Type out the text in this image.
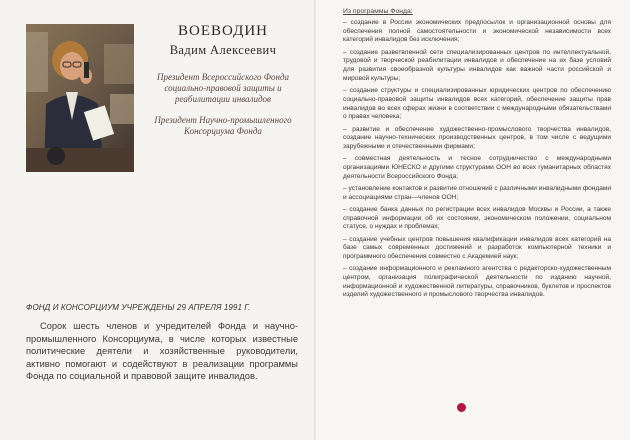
ВОЕВОДИН

Вадим Алексеевич

Президент Всероссийского Фонда социально-правовой защиты и реабилитации инвалидов

Президент Научно-промышленного Консорциума Фонда

ФОНД И КОНСОРЦИУМ УЧРЕЖДЕНЫ 29 АПРЕЛЯ 1991 Г.

Сорок шесть членов и учредителей Фонда и научно-промышленного Консорциума, в числе которых известные политические деятели и хозяйственные руководители, активно помогают и содействуют в реализации программы Фонда по социальной и правовой защите инвалидов.

Из программы Фонда:

– создание в России экономических предпосылок и организационной основы для обеспечения полной самостоятельности и экономической независимости всех категорий инвалидов без исключения;
– создание разветвленной сети специализированных центров по интеллектуальной, трудовой и творческой реабилитации инвалидов и обеспечение на их базе условий для развития своеобразной культуры инвалидов как важной части российской и мировой культуры;
– создание структуры и специализированных юридических центров по обеспечению социально-правовой защиты инвалидов всех категорий, обеспечение защиты прав инвалидов во всех сферах жизни в соответствии с международными обязательствами о правах человека;
– развитие и обеспечение художественно-промыслового творчества инвалидов, создание научно-технических производственных центров, в том числе с ведущими зарубежными и отечественными фирмами;
– совместная деятельность и тесное сотрудничество с международными организациями ЮНЕСКО и другими структурами ООН во всех гуманитарных областях деятельности Всероссийского Фонда;
– установление контактов и развитие отношений с различными инвалидными фондами и ассоциациями стран—членов ООН;
– создание банка данных по регистрации всех инвалидов Москвы и России, а также справочной информации об их состоянии, экономическом положении, социальном статусе, о нуждах и проблемах;
– создание учебных центров повышения квалификации инвалидов всех категорий на базе самых современных достижений и разработок компьютерной техники и программного обеспечения совместно с Академией наук;
– создание информационного и рекламного агентства с редакторско-художественным центром, организация полиграфической деятельности по изданию научной, информационной и художественной литературы, справочников, буклетов и проспектов изделий художественного и промыслового творчества инвалидов.
